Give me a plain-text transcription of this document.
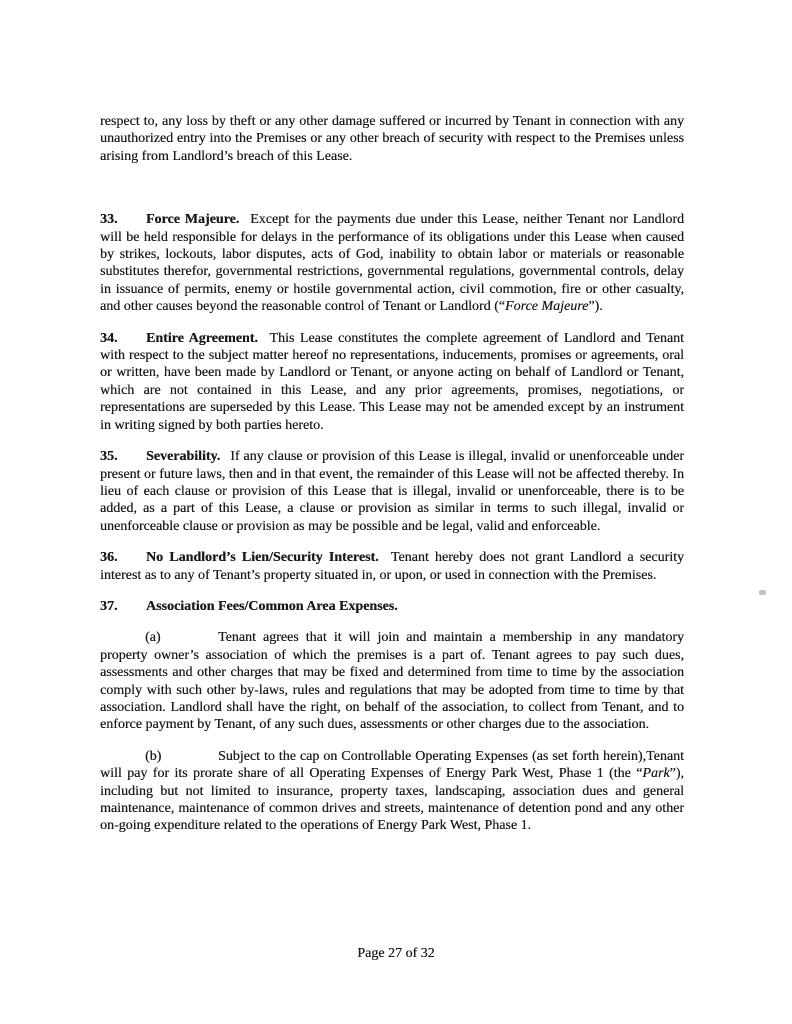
respect to, any loss by theft or any other damage suffered or incurred by Tenant in connection with any unauthorized entry into the Premises or any other breach of security with respect to the Premises unless arising from Landlord’s breach of this Lease.

33. Force Majeure. Except for the payments due under this Lease, neither Tenant nor Landlord will be held responsible for delays in the performance of its obligations under this Lease when caused by strikes, lockouts, labor disputes, acts of God, inability to obtain labor or materials or reasonable substitutes therefor, governmental restrictions, governmental regulations, governmental controls, delay in issuance of permits, enemy or hostile governmental action, civil commotion, fire or other casualty, and other causes beyond the reasonable control of Tenant or Landlord (“Force Majeure”).

34. Entire Agreement. This Lease constitutes the complete agreement of Landlord and Tenant with respect to the subject matter hereof no representations, inducements, promises or agreements, oral or written, have been made by Landlord or Tenant, or anyone acting on behalf of Landlord or Tenant, which are not contained in this Lease, and any prior agreements, promises, negotiations, or representations are superseded by this Lease. This Lease may not be amended except by an instrument in writing signed by both parties hereto.

35. Severability. If any clause or provision of this Lease is illegal, invalid or unenforceable under present or future laws, then and in that event, the remainder of this Lease will not be affected thereby. In lieu of each clause or provision of this Lease that is illegal, invalid or unenforceable, there is to be added, as a part of this Lease, a clause or provision as similar in terms to such illegal, invalid or unenforceable clause or provision as may be possible and be legal, valid and enforceable.

36. No Landlord’s Lien/Security Interest. Tenant hereby does not grant Landlord a security interest as to any of Tenant’s property situated in, or upon, or used in connection with the Premises.

37. Association Fees/Common Area Expenses.

(a)	Tenant agrees that it will join and maintain a membership in any mandatory property owner’s association of which the premises is a part of. Tenant agrees to pay such dues, assessments and other charges that may be fixed and determined from time to time by the association comply with such other by-laws, rules and regulations that may be adopted from time to time by that association. Landlord shall have the right, on behalf of the association, to collect from Tenant, and to enforce payment by Tenant, of any such dues, assessments or other charges due to the association.

(b)	Subject to the cap on Controllable Operating Expenses (as set forth herein),Tenant will pay for its prorate share of all Operating Expenses of Energy Park West, Phase 1 (the “Park”), including but not limited to insurance, property taxes, landscaping, association dues and general maintenance, maintenance of common drives and streets, maintenance of detention pond and any other on-going expenditure related to the operations of Energy Park West, Phase 1.

Page 27 of 32
